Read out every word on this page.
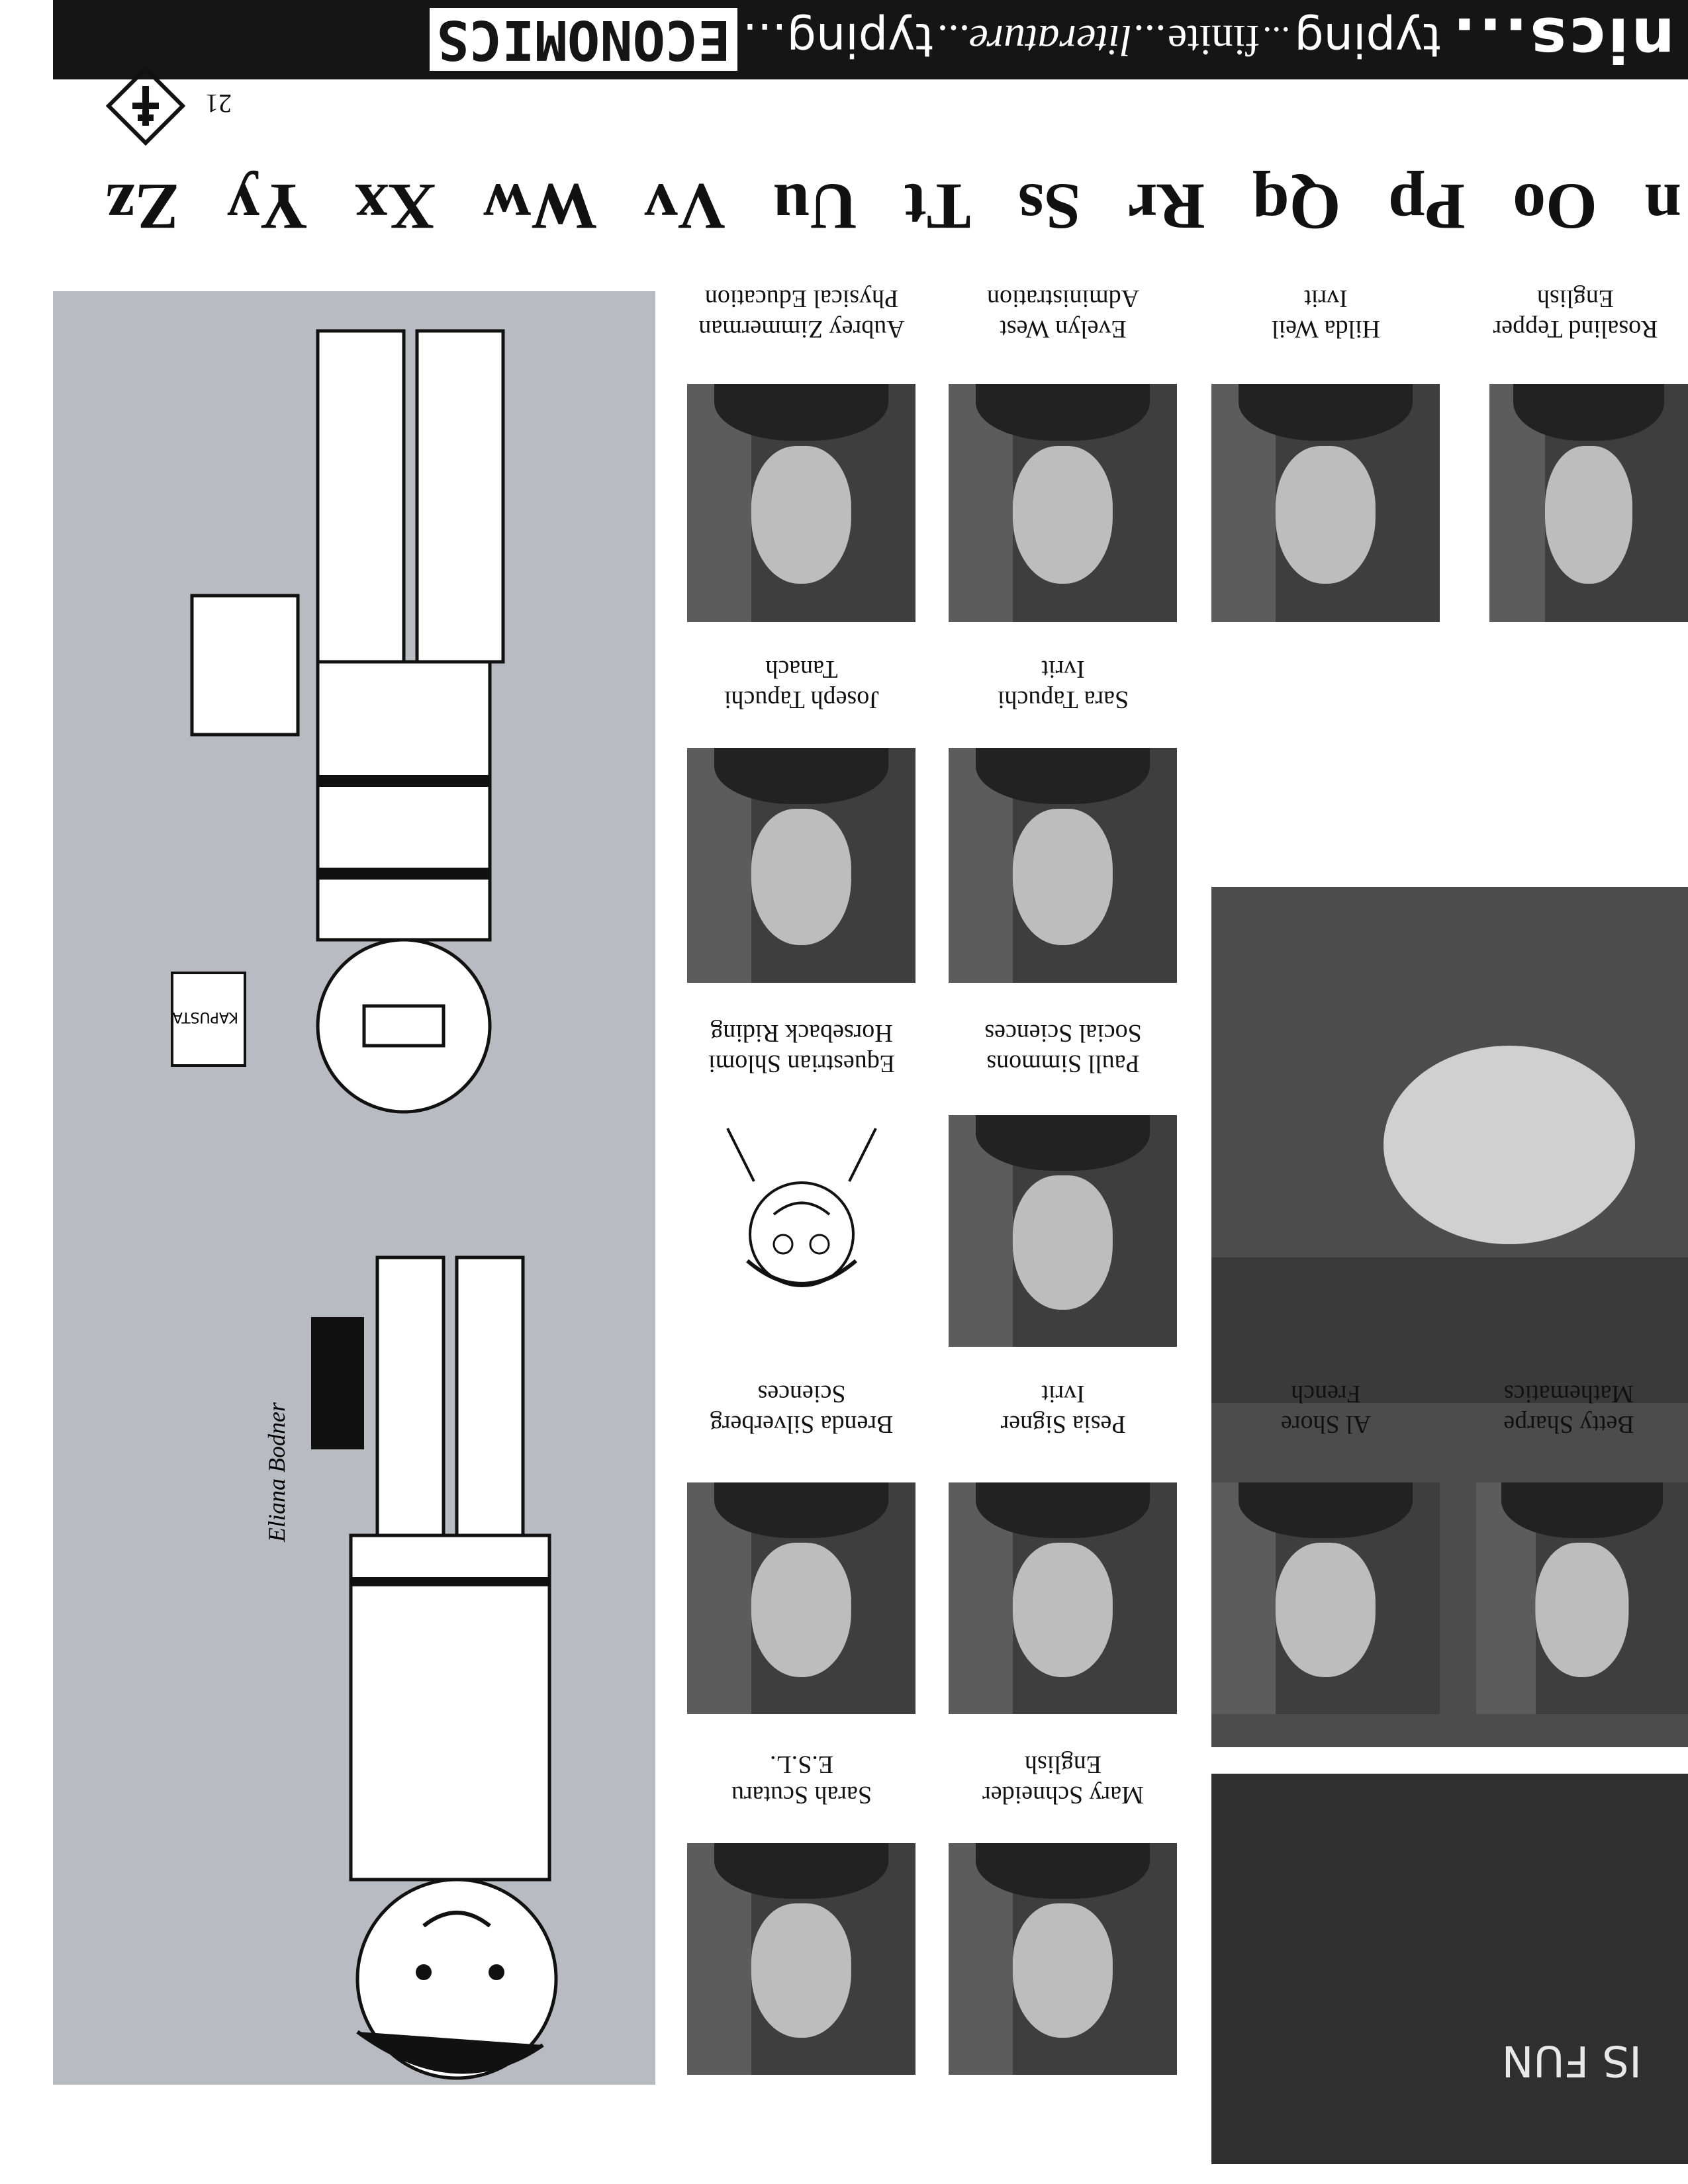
nics...
typing
...
finite
...literature...
typing...
ECONOMICS
IS FUN
Rosalind Tepper
English
Hilda Weil
Ivrit
Evelyn West
Administration
Aubrey Zimmerman
Physical Education
Sara Tapuchi
Ivrit
Joseph Tapuchi
Tanach
Paull Simmons
Social Sciences
Equestrian Shlomi
Horseback Riding
Betty Sharpe
Mathematics
Al Shore
French
Pesia Signer
Ivrit
Brenda Silverberg
Sciences
Mary Schneider
English
Sarah Scutaru
E.S.L.
Eliana Bodner
KAPUSTA
n
Oo
Pp
Qq
Rr
Ss
Tt
Uu
Vv
Ww
Xx
Yy
Zz
21
